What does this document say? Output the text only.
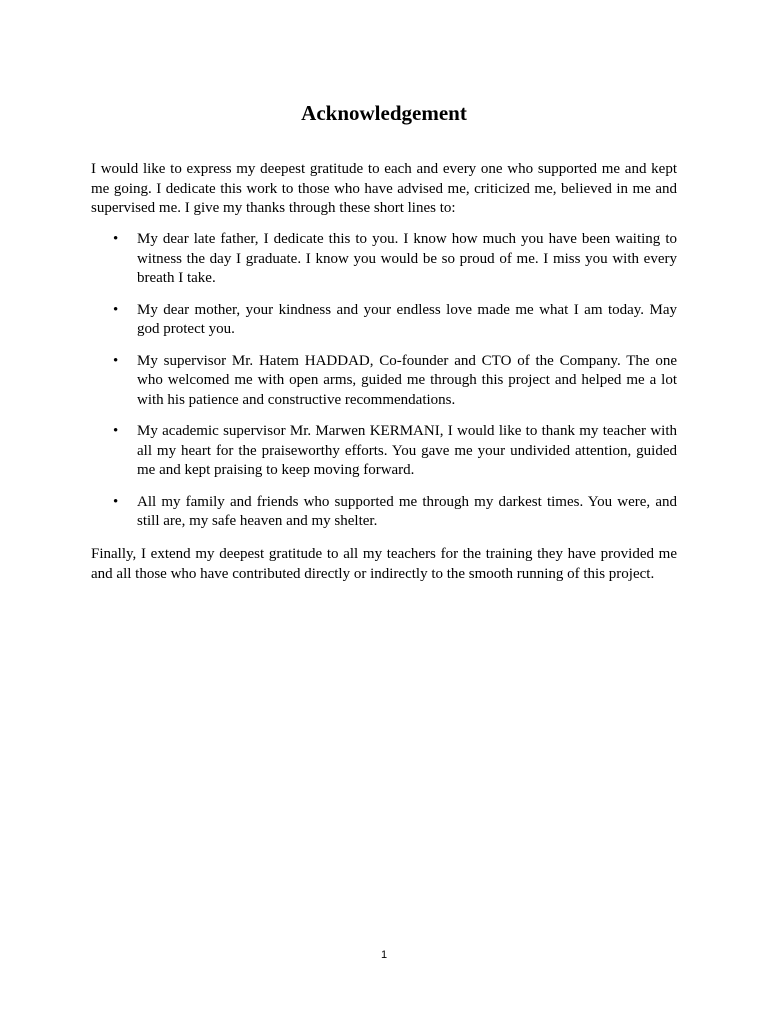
Acknowledgement

I would like to express my deepest gratitude to each and every one who supported me and kept me going. I dedicate this work to those who have advised me, criticized me, believed in me and supervised me. I give my thanks through these short lines to:

• My dear late father, I dedicate this to you. I know how much you have been waiting to witness the day I graduate. I know you would be so proud of me. I miss you with every breath I take.
• My dear mother, your kindness and your endless love made me what I am today. May god protect you.
• My supervisor Mr. Hatem HADDAD, Co-founder and CTO of the Company. The one who welcomed me with open arms, guided me through this project and helped me a lot with his patience and constructive recommendations.
• My academic supervisor Mr. Marwen KERMANI, I would like to thank my teacher with all my heart for the praiseworthy efforts. You gave me your undivided attention, guided me and kept praising to keep moving forward.
• All my family and friends who supported me through my darkest times. You were, and still are, my safe heaven and my shelter.

Finally, I extend my deepest gratitude to all my teachers for the training they have provided me and all those who have contributed directly or indirectly to the smooth running of this project.

1
